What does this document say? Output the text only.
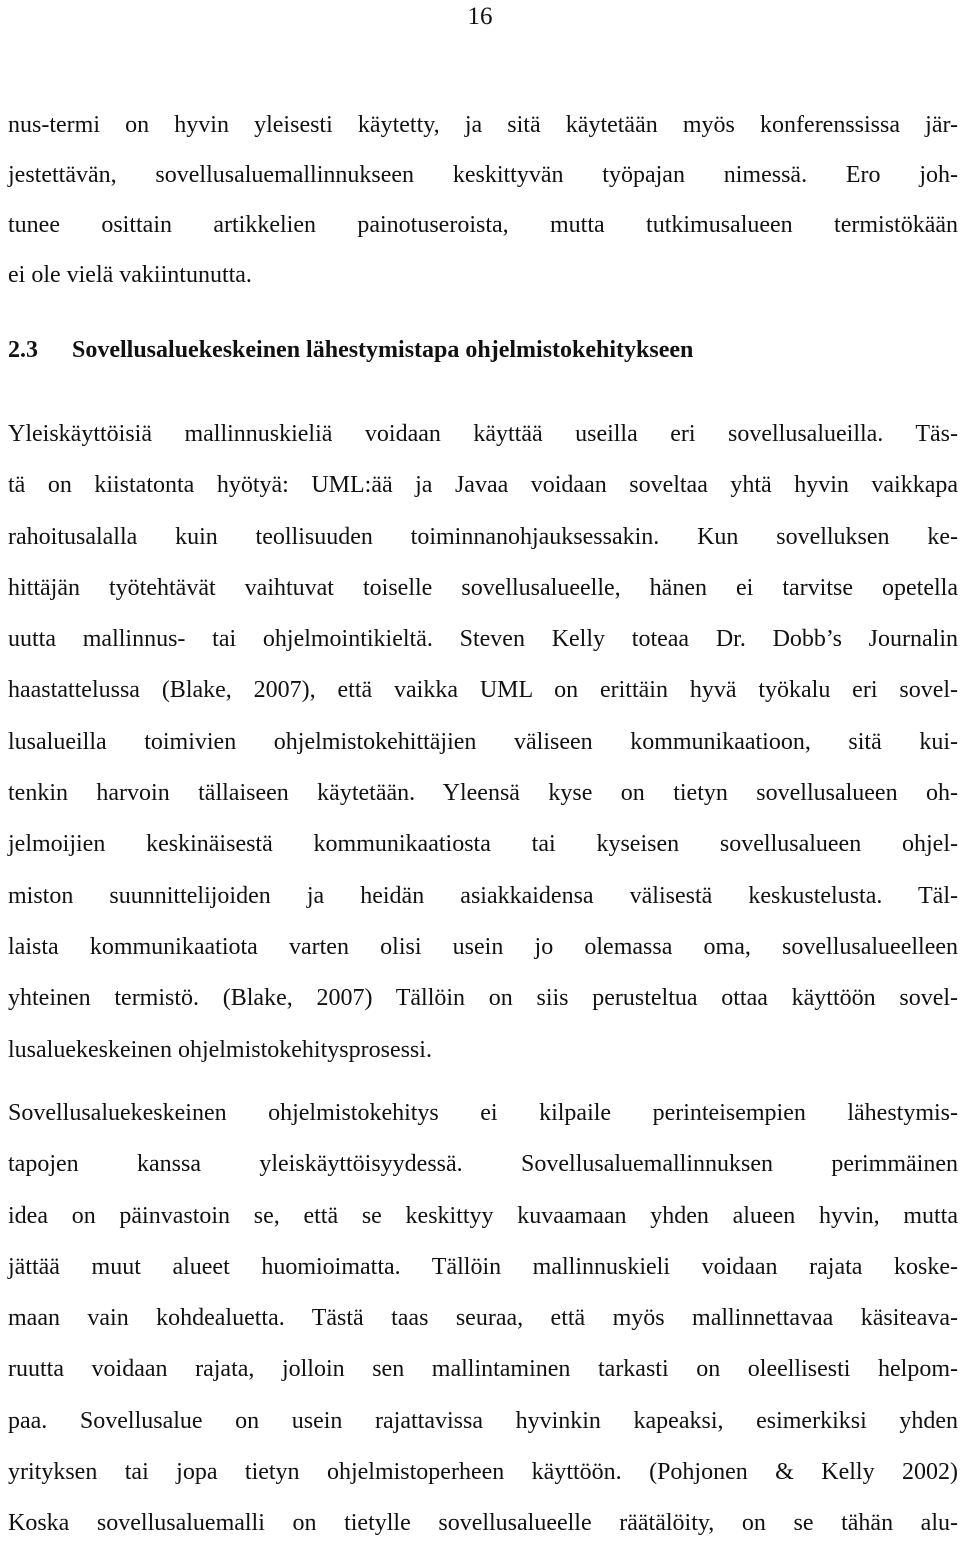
16
nus-termi on hyvin yleisesti käytetty, ja sitä käytetään myös konferenssissa jär-
jestettävän, sovellusaluemallinnukseen keskittyvän työpajan nimessä. Ero joh-
tunee osittain artikkelien painotuseroista, mutta tutkimusalueen termistökään
ei ole vielä vakiintunutta.
2.3 Sovellusaluekeskeinen lähestymistapa ohjelmistokehitykseen
Yleiskäyttöisiä mallinnuskieliä voidaan käyttää useilla eri sovellusalueilla. Täs-
tä on kiistatonta hyötyä: UML:ää ja Javaa voidaan soveltaa yhtä hyvin vaikkapa
rahoitusalalla kuin teollisuuden toiminnanohjauksessakin. Kun sovelluksen ke-
hittäjän työtehtävät vaihtuvat toiselle sovellusalueelle, hänen ei tarvitse opetella
uutta mallinnus- tai ohjelmointikieltä. Steven Kelly toteaa Dr. Dobb’s Journalin
haastattelussa (Blake, 2007), että vaikka UML on erittäin hyvä työkalu eri sovel-
lusalueilla toimivien ohjelmistokehittäjien väliseen kommunikaatioon, sitä kui-
tenkin harvoin tällaiseen käytetään. Yleensä kyse on tietyn sovellusalueen oh-
jelmoijien keskinäisestä kommunikaatiosta tai kyseisen sovellusalueen ohjel-
miston suunnittelijoiden ja heidän asiakkaidensa välisestä keskustelusta. Täl-
laista kommunikaatiota varten olisi usein jo olemassa oma, sovellusalueelleen
yhteinen termistö. (Blake, 2007) Tällöin on siis perusteltua ottaa käyttöön sovel-
lusaluekeskeinen ohjelmistokehitysprosessi.
Sovellusaluekeskeinen ohjelmistokehitys ei kilpaile perinteisempien lähestymis-
tapojen kanssa yleiskäyttöisyydessä. Sovellusaluemallinnuksen perimmäinen
idea on päinvastoin se, että se keskittyy kuvaamaan yhden alueen hyvin, mutta
jättää muut alueet huomioimatta. Tällöin mallinnuskieli voidaan rajata koske-
maan vain kohdealuetta. Tästä taas seuraa, että myös mallinnettavaa käsiteava-
ruutta voidaan rajata, jolloin sen mallintaminen tarkasti on oleellisesti helpom-
paa. Sovellusalue on usein rajattavissa hyvinkin kapeaksi, esimerkiksi yhden
yrityksen tai jopa tietyn ohjelmistoperheen käyttöön. (Pohjonen & Kelly 2002)
Koska sovellusaluemalli on tietylle sovellusalueelle räätälöity, on se tähän alu-
